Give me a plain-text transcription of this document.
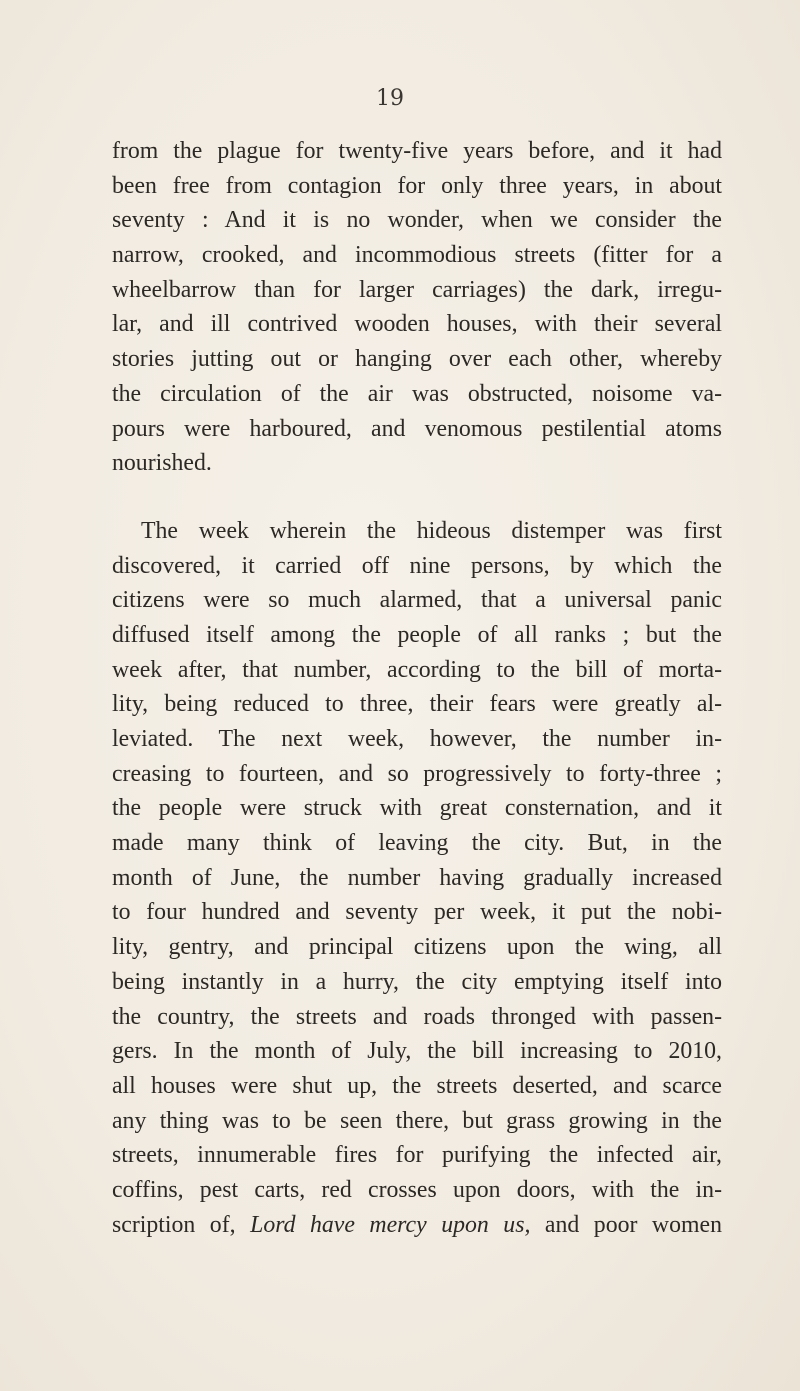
19
from the plague for twenty-five years before, and it had
been free from contagion for only three years, in about
seventy : And it is no wonder, when we consider the
narrow, crooked, and incommodious streets (fitter for a
wheelbarrow than for larger carriages) the dark, irregu-
lar, and ill contrived wooden houses, with their several
stories jutting out or hanging over each other, whereby
the circulation of the air was obstructed, noisome va-
pours were harboured, and venomous pestilential atoms
nourished.
The week wherein the hideous distemper was first
discovered, it carried off nine persons, by which the
citizens were so much alarmed, that a universal panic
diffused itself among the people of all ranks ; but the
week after, that number, according to the bill of morta-
lity, being reduced to three, their fears were greatly al-
leviated. The next week, however, the number in-
creasing to fourteen, and so progressively to forty-three ;
the people were struck with great consternation, and it
made many think of leaving the city. But, in the
month of June, the number having gradually increased
to four hundred and seventy per week, it put the nobi-
lity, gentry, and principal citizens upon the wing, all
being instantly in a hurry, the city emptying itself into
the country, the streets and roads thronged with passen-
gers. In the month of July, the bill increasing to 2010,
all houses were shut up, the streets deserted, and scarce
any thing was to be seen there, but grass growing in the
streets, innumerable fires for purifying the infected air,
coffins, pest carts, red crosses upon doors, with the in-
scription of, Lord have mercy upon us, and poor women
